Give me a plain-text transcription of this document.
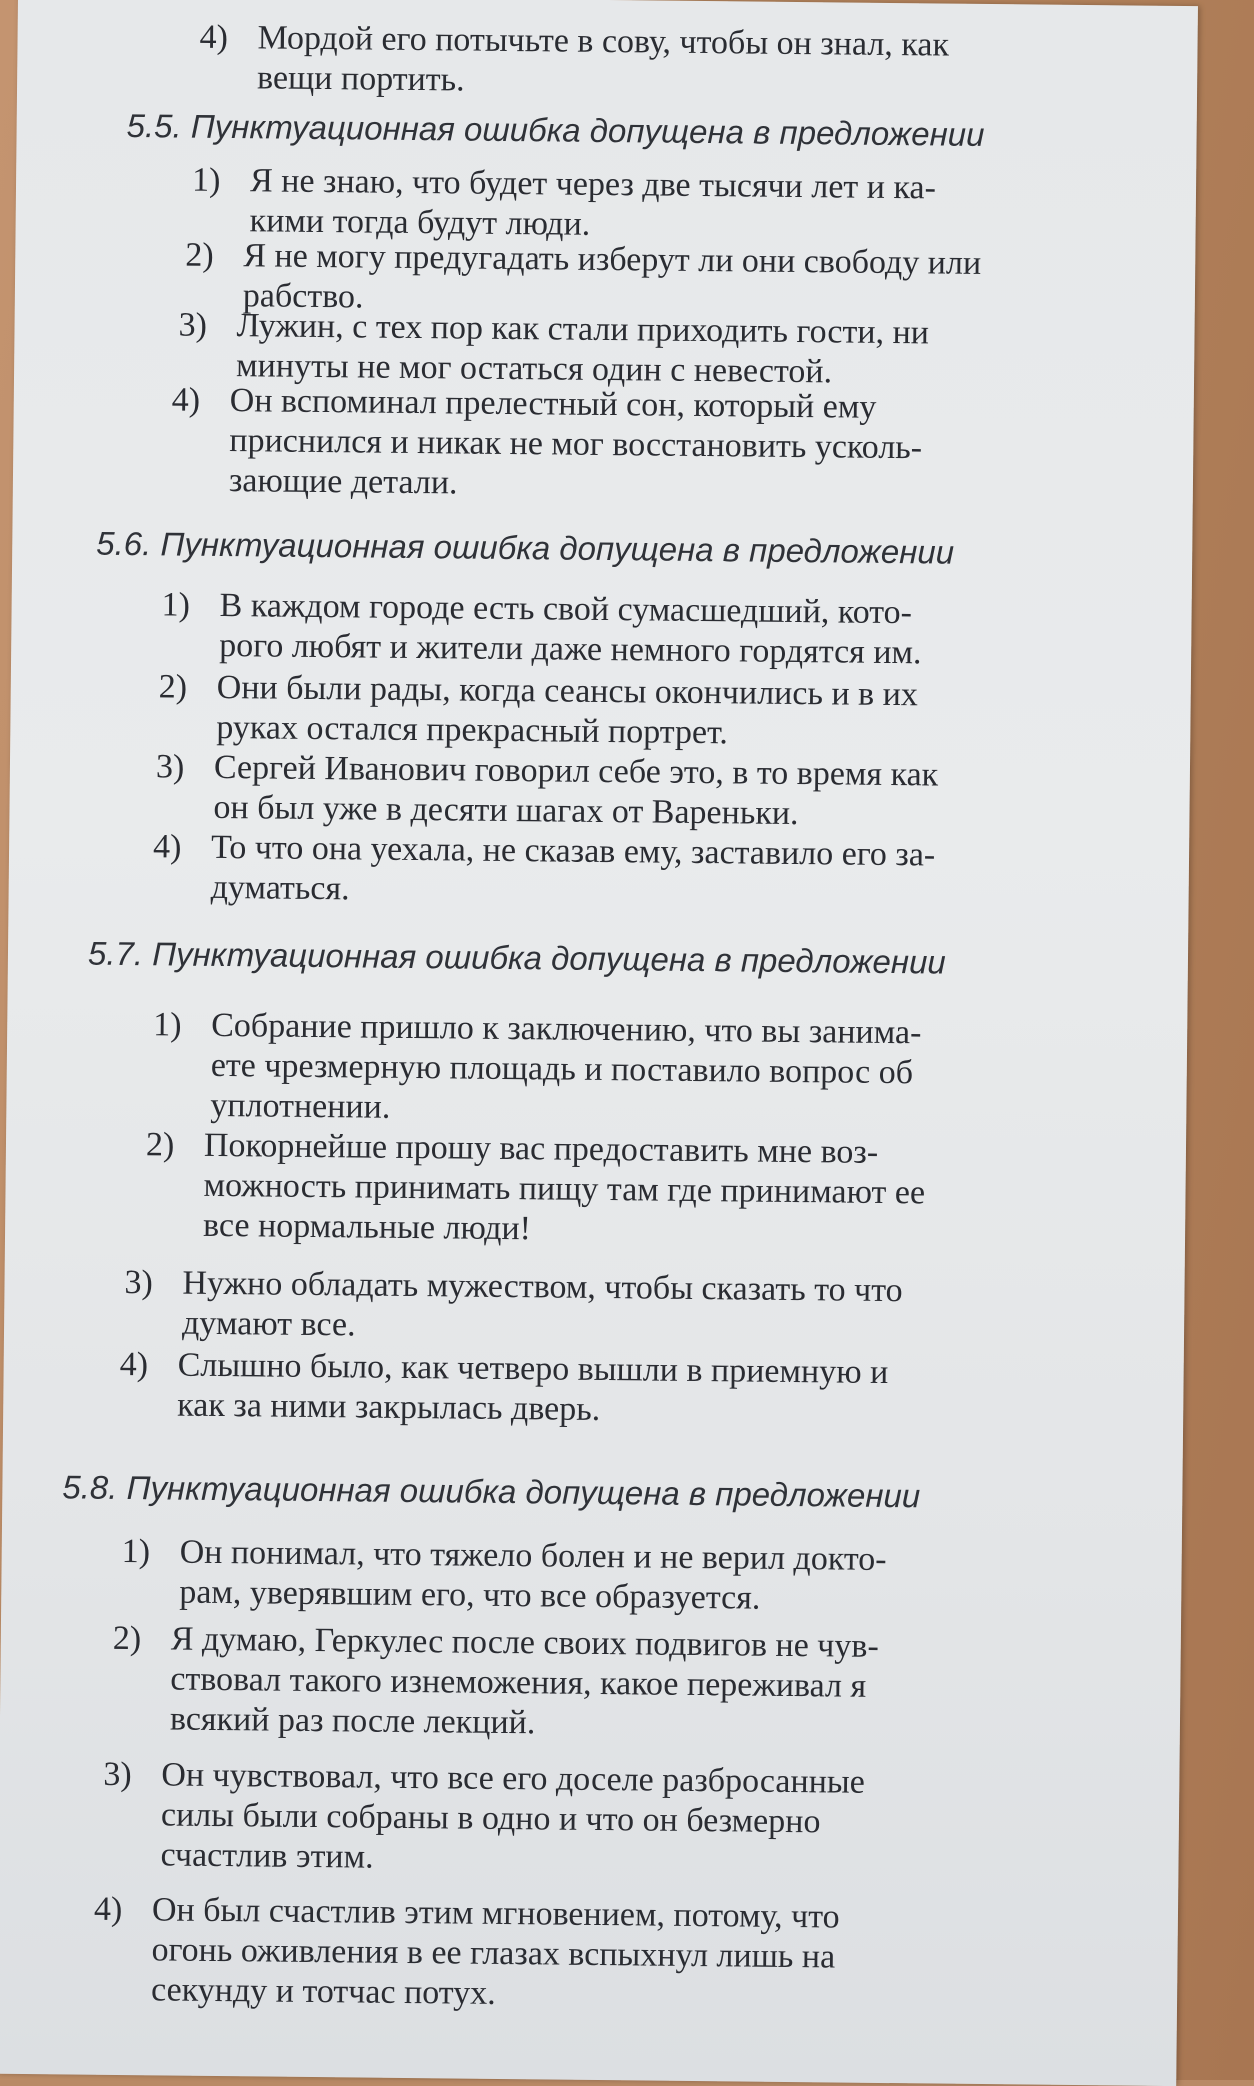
4) Мордой его потычьте в сову, чтобы он знал, как
вещи портить.
5.5. Пунктуационная ошибка допущена в предложении
1) Я не знаю, что будет через две тысячи лет и ка-
кими тогда будут люди.
2) Я не могу предугадать изберут ли они свободу или
рабство.
3) Лужин, с тех пор как стали приходить гости, ни
минуты не мог остаться один с невестой.
4) Он вспоминал прелестный сон, который ему
приснился и никак не мог восстановить усколь-
зающие детали.
5.6. Пунктуационная ошибка допущена в предложении
1) В каждом городе есть свой сумасшедший, кото-
рого любят и жители даже немного гордятся им.
2) Они были рады, когда сеансы окончились и в их
руках остался прекрасный портрет.
3) Сергей Иванович говорил себе это, в то время как
он был уже в десяти шагах от Вареньки.
4) То что она уехала, не сказав ему, заставило его за-
думаться.
5.7. Пунктуационная ошибка допущена в предложении
1) Собрание пришло к заключению, что вы занима-
ете чрезмерную площадь и поставило вопрос об
уплотнении.
2) Покорнейше прошу вас предоставить мне воз-
можность принимать пищу там где принимают ее
все нормальные люди!
3) Нужно обладать мужеством, чтобы сказать то что
думают все.
4) Слышно было, как четверо вышли в приемную и
как за ними закрылась дверь.
5.8. Пунктуационная ошибка допущена в предложении
1) Он понимал, что тяжело болен и не верил докто-
рам, уверявшим его, что все образуется.
2) Я думаю, Геркулес после своих подвигов не чув-
ствовал такого изнеможения, какое переживал я
всякий раз после лекций.
3) Он чувствовал, что все его доселе разбросанные
силы были собраны в одно и что он безмерно
счастлив этим.
4) Он был счастлив этим мгновением, потому, что
огонь оживления в ее глазах вспыхнул лишь на
секунду и тотчас потух.
